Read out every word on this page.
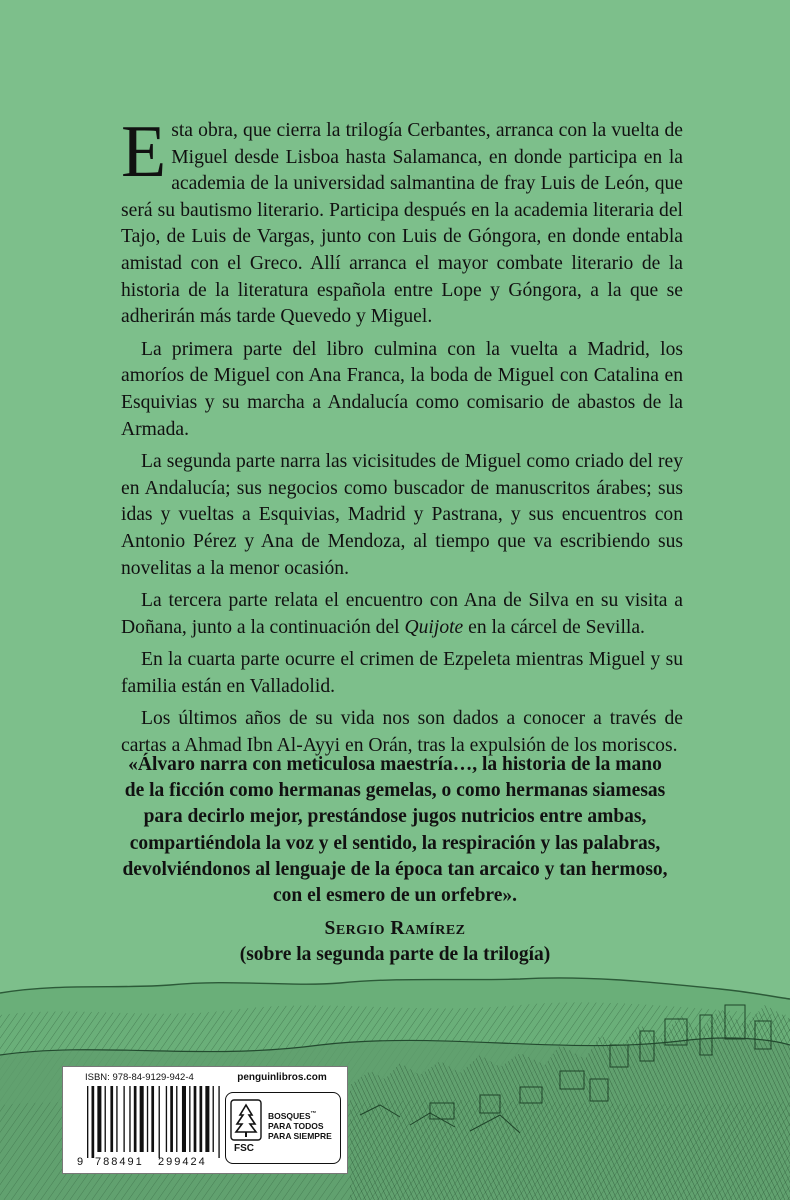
Esta obra, que cierra la trilogía Cerbantes, arranca con la vuelta de Miguel desde Lisboa hasta Salamanca, en donde participa en la academia de la universidad salmantina de fray Luis de León, que será su bautismo literario. Participa después en la academia literaria del Tajo, de Luis de Vargas, junto con Luis de Góngora, en donde entabla amistad con el Greco. Allí arranca el mayor combate literario de la historia de la literatura española entre Lope y Góngora, a la que se adherirán más tarde Quevedo y Miguel.

La primera parte del libro culmina con la vuelta a Madrid, los amoríos de Miguel con Ana Franca, la boda de Miguel con Catalina en Esquivias y su marcha a Andalucía como comisario de abastos de la Armada.

La segunda parte narra las vicisitudes de Miguel como criado del rey en Andalucía; sus negocios como buscador de manuscritos árabes; sus idas y vueltas a Esquivias, Madrid y Pastrana, y sus encuentros con Antonio Pérez y Ana de Mendoza, al tiempo que va escribiendo sus novelitas a la menor ocasión.

La tercera parte relata el encuentro con Ana de Silva en su visita a Doñana, junto a la continuación del Quijote en la cárcel de Sevilla.

En la cuarta parte ocurre el crimen de Ezpeleta mientras Miguel y su familia están en Valladolid.

Los últimos años de su vida nos son dados a conocer a través de cartas a Ahmad Ibn Al-Ayyi en Orán, tras la expulsión de los moriscos.

«Álvaro narra con meticulosa maestría…, la historia de la mano
de la ficción como hermanas gemelas, o como hermanas siamesas
para decirlo mejor, prestándose jugos nutricios entre ambas,
compartiéndola la voz y el sentido, la respiración y las palabras,
devolviéndonos al lenguaje de la época tan arcaico y tan hermoso,
con el esmero de un orfebre».
Sergio Ramírez
(sobre la segunda parte de la trilogía)
ISBN: 978-84-9129-942-4
9 788491 299424
penguinlibros.com
FSC
BOSQUES™
PARA TODOS
PARA SIEMPRE
